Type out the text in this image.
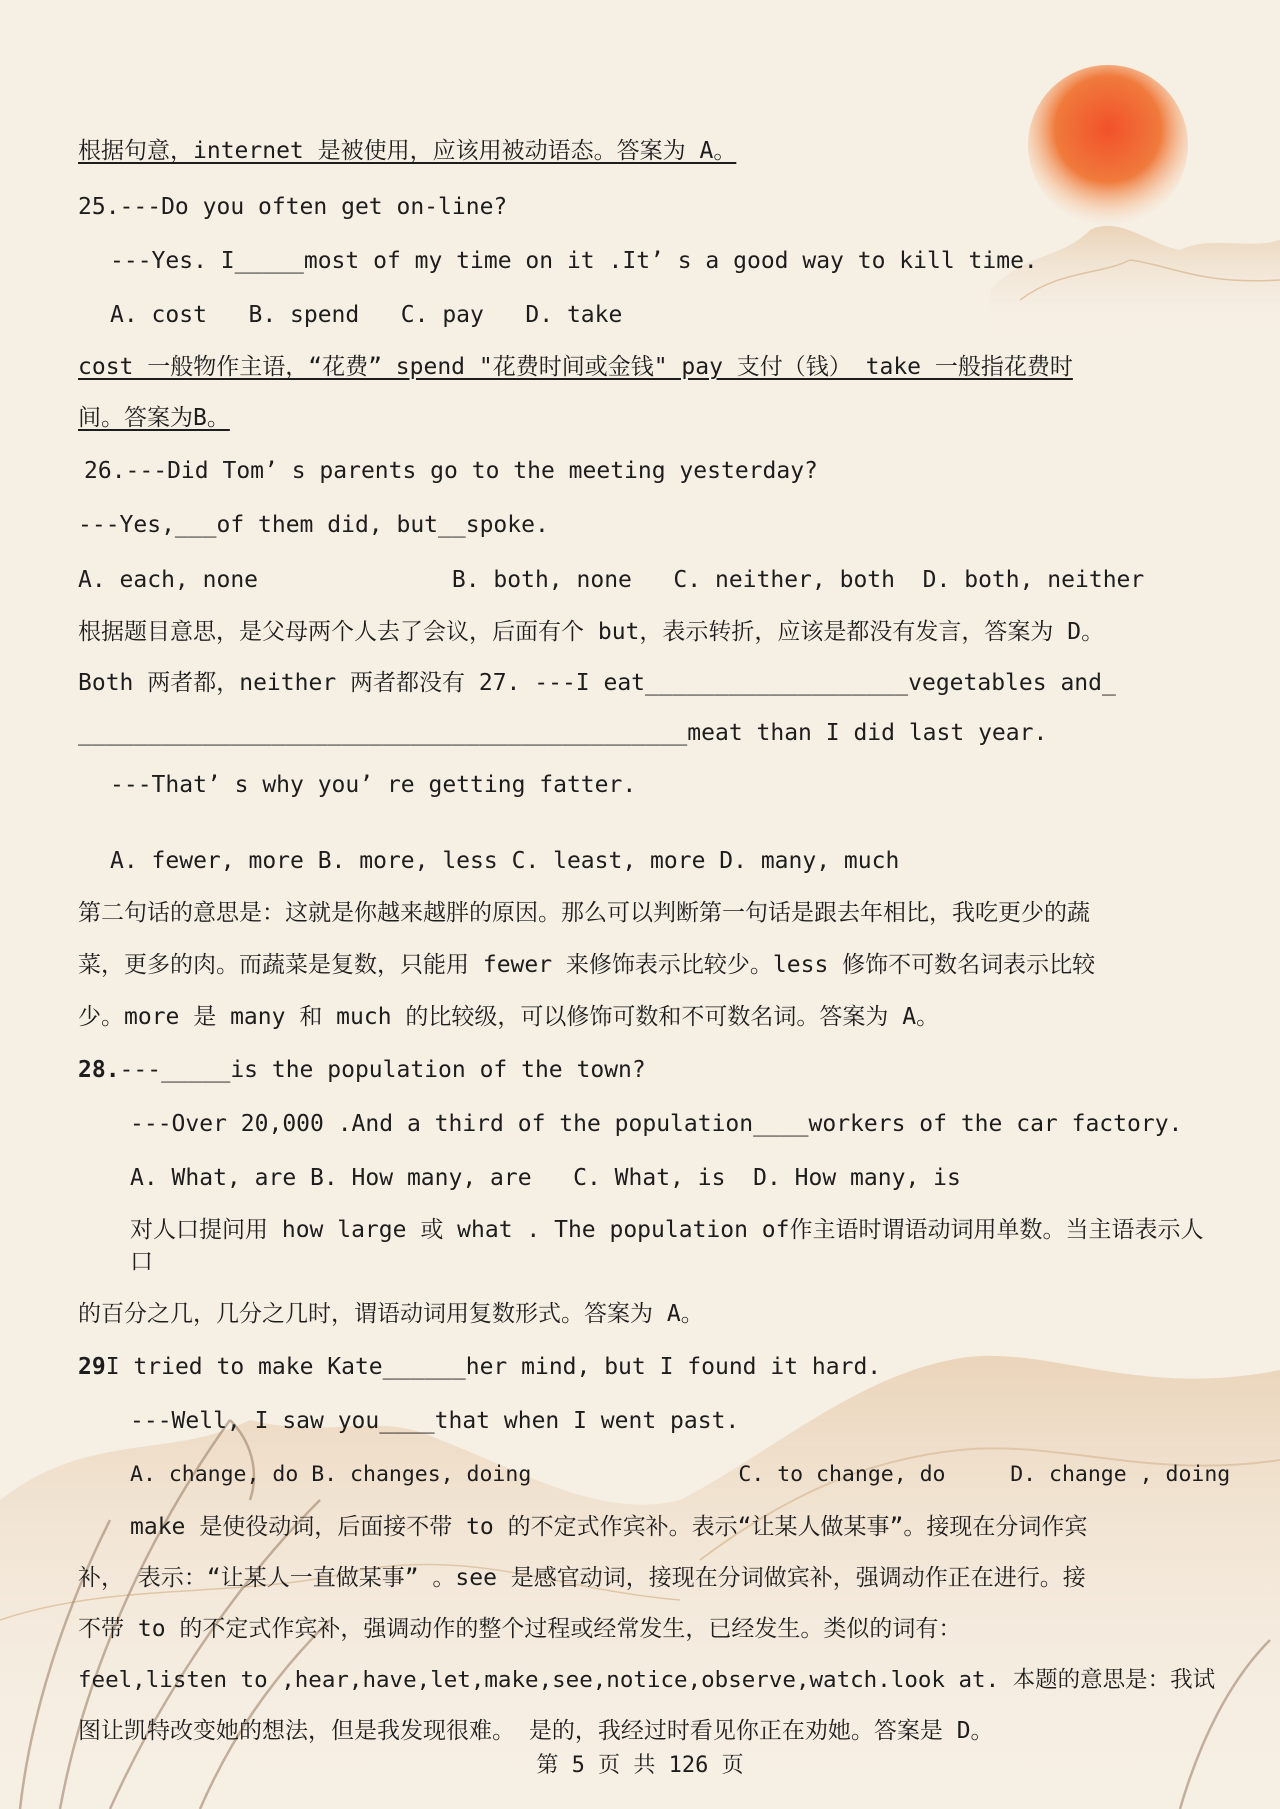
根据句意，internet 是被使用，应该用被动语态。答案为 A。
25.---Do you often get on-line?
---Yes. I_____most of my time on it .It’ s a good way to kill time.
A. cost   B. spend   C. pay   D. take
cost 一般物作主语，“花费” spend "花费时间或金钱" pay 支付（钱） take 一般指花费时
间。答案为B。
26.---Did Tom’ s parents go to the meeting yesterday?
---Yes,___of them did, but__spoke.
A. each, none              B. both, none   C. neither, both  D. both, neither
根据题目意思，是父母两个人去了会议，后面有个 but，表示转折，应该是都没有发言，答案为 D。
Both 两者都，neither 两者都没有 27. ---I eat___________________vegetables and_
____________________________________________meat than I did last year.
---That’ s why you’ re getting fatter.
A. fewer, more B. more, less C. least, more D. many, much
第二句话的意思是：这就是你越来越胖的原因。那么可以判断第一句话是跟去年相比，我吃更少的蔬
菜，更多的肉。而蔬菜是复数，只能用 fewer 来修饰表示比较少。less 修饰不可数名词表示比较
少。more 是 many 和 much 的比较级，可以修饰可数和不可数名词。答案为 A。
28.---_____is the population of the town?
---Over 20,000 .And a third of the population____workers of the car factory.
A. What, are B. How many, are   C. What, is  D. How many, is
对人口提问用 how large 或 what . The population of作主语时谓语动词用单数。当主语表示人
口
的百分之几，几分之几时，谓语动词用复数形式。答案为 A。
29I tried to make Kate______her mind, but I found it hard.
---Well, I saw you____that when I went past.
A. change, do B. changes, doing                C. to change, do     D. change , doing
make 是使役动词，后面接不带 to 的不定式作宾补。表示“让某人做某事”。接现在分词作宾
补， 表示：“让某人一直做某事” 。see 是感官动词，接现在分词做宾补，强调动作正在进行。接
不带 to 的不定式作宾补，强调动作的整个过程或经常发生，已经发生。类似的词有：
feel,listen to ,hear,have,let,make,see,notice,observe,watch.look at. 本题的意思是：我试
图让凯特改变她的想法，但是我发现很难。 是的，我经过时看见你正在劝她。答案是 D。
第 5 页 共 126 页
